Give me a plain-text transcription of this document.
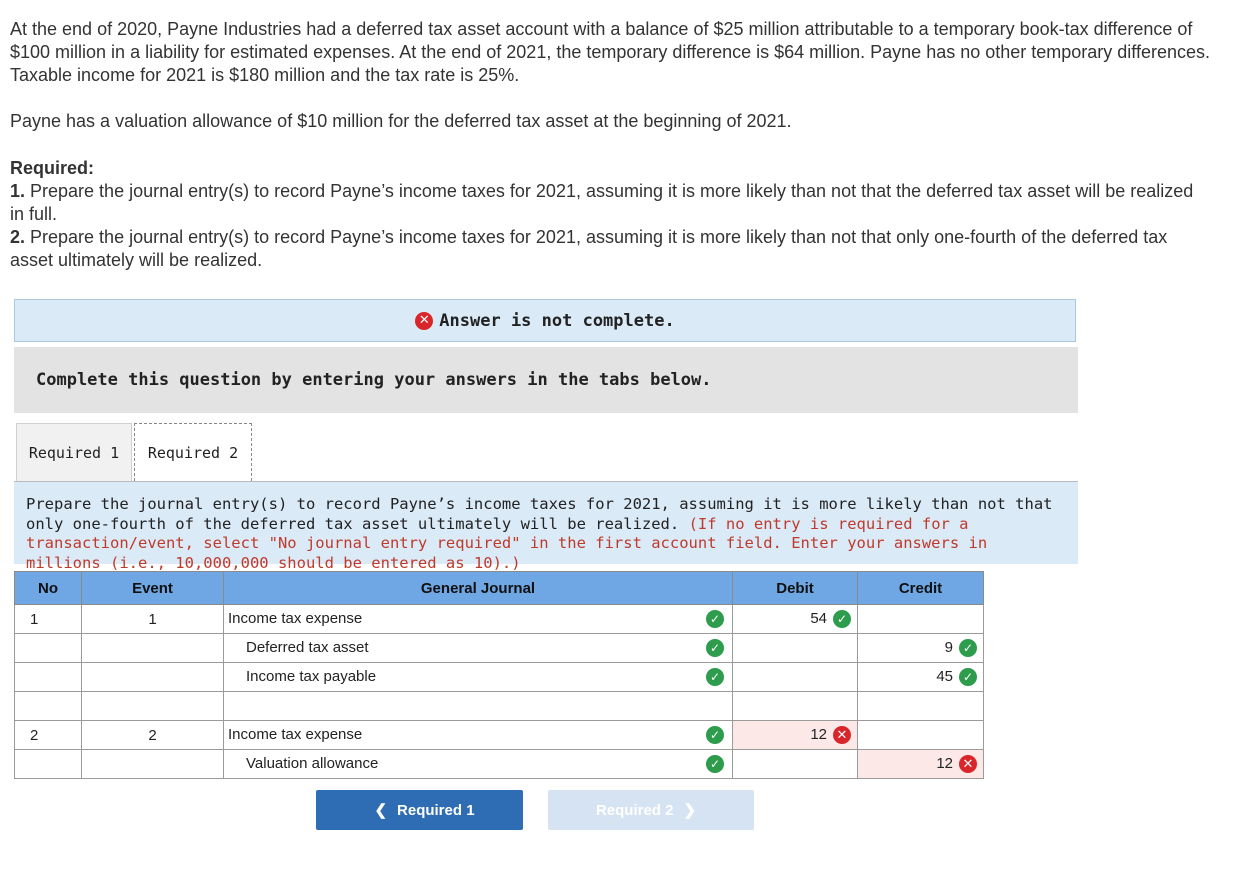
At the end of 2020, Payne Industries had a deferred tax asset account with a balance of $25 million attributable to a temporary book-tax difference of $100 million in a liability for estimated expenses. At the end of 2021, the temporary difference is $64 million. Payne has no other temporary differences. Taxable income for 2021 is $180 million and the tax rate is 25%.

Payne has a valuation allowance of $10 million for the deferred tax asset at the beginning of 2021.

Required:
1. Prepare the journal entry(s) to record Payne’s income taxes for 2021, assuming it is more likely than not that the deferred tax asset will be realized in full.
2. Prepare the journal entry(s) to record Payne’s income taxes for 2021, assuming it is more likely than not that only one-fourth of the deferred tax asset ultimately will be realized.
✕ Answer is not complete.
Complete this question by entering your answers in the tabs below.
Required 1	Required 2
Prepare the journal entry(s) to record Payne’s income taxes for 2021, assuming it is more likely than not that only one-fourth of the deferred tax asset ultimately will be realized. (If no entry is required for a transaction/event, select "No journal entry required" in the first account field. Enter your answers in millions (i.e., 10,000,000 should be entered as 10).)
No	Event	General Journal	Debit	Credit
1	1	Income tax expense ✓	54 ✓	

		Deferred tax asset ✓		9 ✓

		Income tax payable ✓		45 ✓

2	2	Income tax expense ✓	12 ✕	

		Valuation allowance ✓		12 ✕
❮ Required 1	Required 2 ❯
